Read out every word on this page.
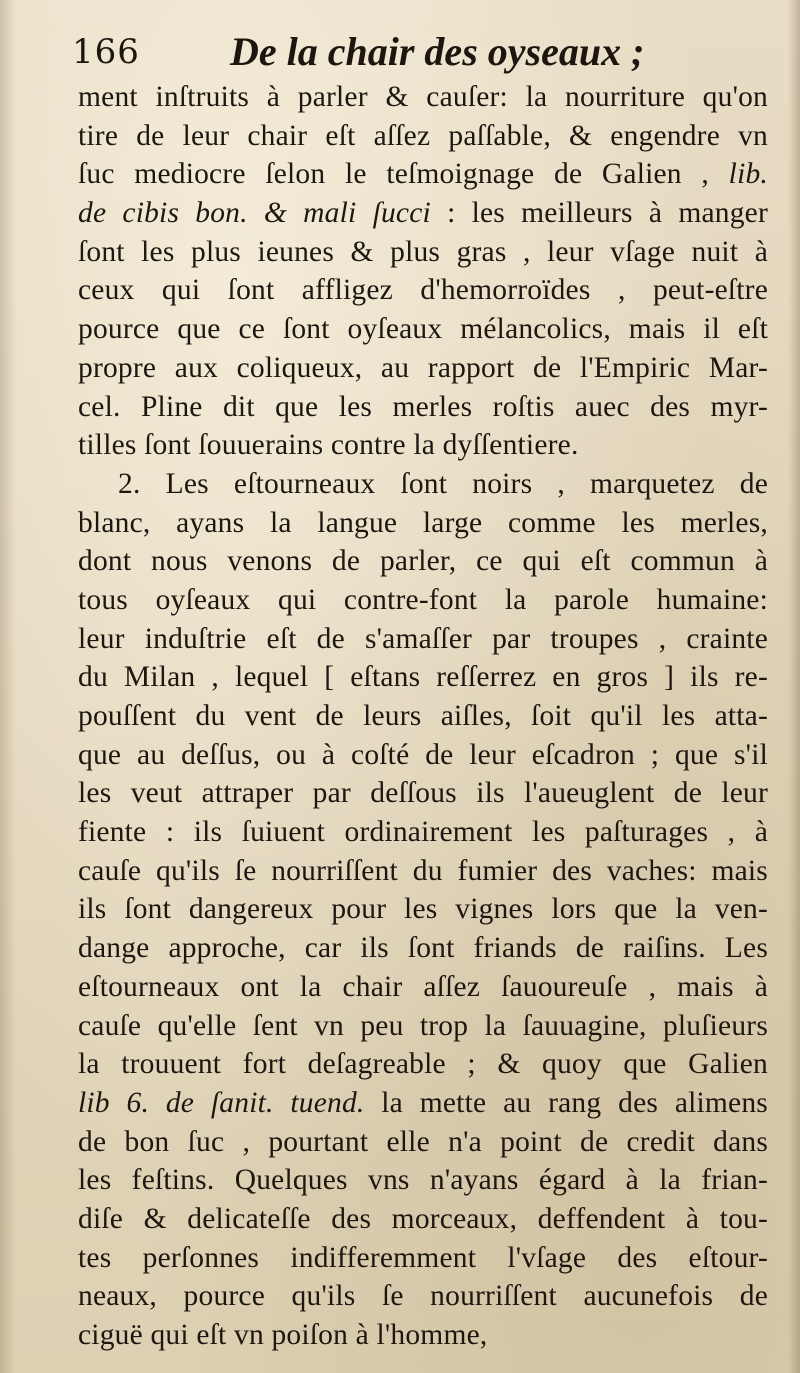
166 De la chair des oyseaux ;
ment inſtruits à parler & cauſer: la nourriture qu'on
tire de leur chair eſt aſſez paſſable, & engendre vn
ſuc mediocre ſelon le teſmoignage de Galien , lib.
de cibis bon. & mali ſucci : les meilleurs à manger
ſont les plus ieunes & plus gras , leur vſage nuit à
ceux qui ſont affligez d'hemorroïdes , peut-eſtre
pource que ce ſont oyſeaux mélancolics, mais il eſt
propre aux coliqueux, au rapport de l'Empiric Mar-
cel. Pline dit que les merles roſtis auec des myr-
tilles ſont ſouuerains contre la dyſſentiere.
2. Les eſtourneaux ſont noirs , marquetez de
blanc, ayans la langue large comme les merles,
dont nous venons de parler, ce qui eſt commun à
tous oyſeaux qui contre-font la parole humaine:
leur induſtrie eſt de s'amaſſer par troupes , crainte
du Milan , lequel [ eſtans reſſerrez en gros ] ils re-
pouſſent du vent de leurs aiſles, ſoit qu'il les atta-
que au deſſus, ou à coſté de leur eſcadron ; que s'il
les veut attraper par deſſous ils l'aueuglent de leur
fiente : ils ſuiuent ordinairement les paſturages , à
cauſe qu'ils ſe nourriſſent du fumier des vaches: mais
ils ſont dangereux pour les vignes lors que la ven-
dange approche, car ils ſont friands de raiſins. Les
eſtourneaux ont la chair aſſez ſauoureuſe , mais à
cauſe qu'elle ſent vn peu trop la ſauuagine, pluſieurs
la trouuent fort deſagreable ; & quoy que Galien
lib 6. de ſanit. tuend. la mette au rang des alimens
de bon ſuc , pourtant elle n'a point de credit dans
les feſtins. Quelques vns n'ayans égard à la frian-
diſe & delicateſſe des morceaux, deffendent à tou-
tes perſonnes indifferemment l'vſage des eſtour-
neaux, pource qu'ils ſe nourriſſent aucunefois de
ciguë qui eſt vn poiſon à l'homme,
